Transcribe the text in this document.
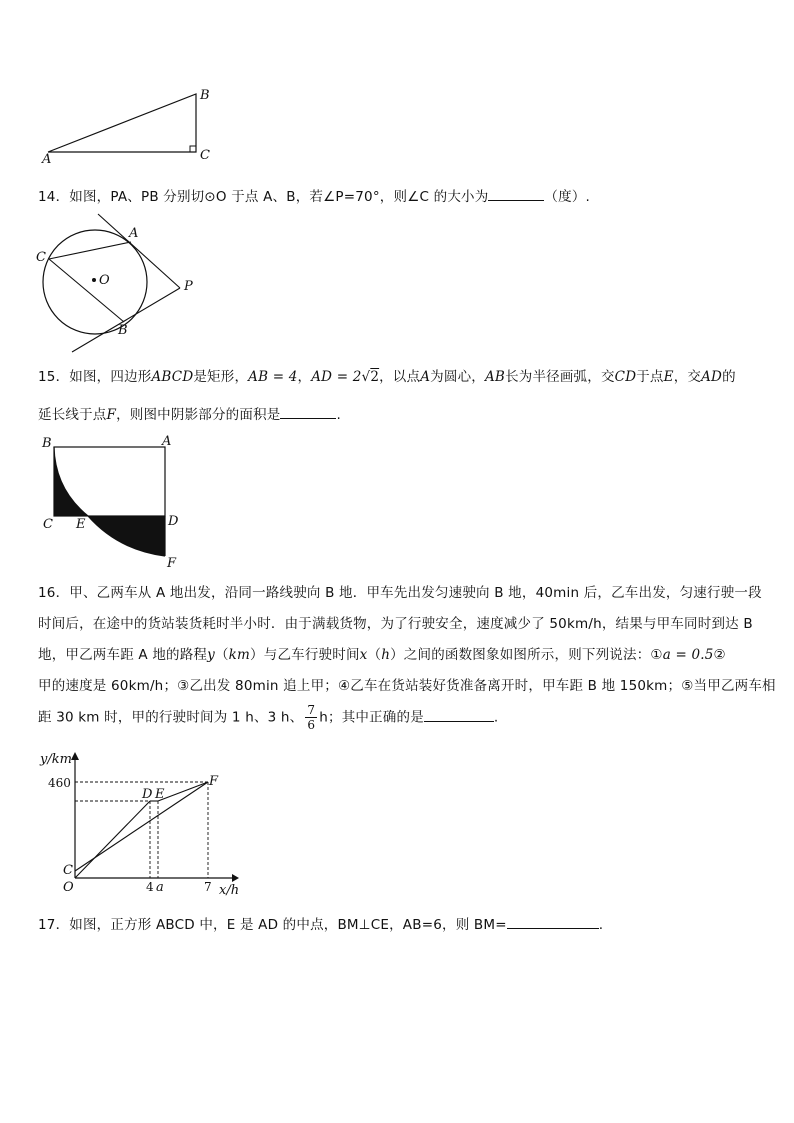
A
B
C
14．如图，PA、PB 分别切⊙O 于点 A、B，若∠P=70°，则∠C 的大小为	（度）.
C
A
O	P
B
15．如图，四边形ABCD是矩形，AB = 4，AD = 2√2，以点A为圆心，AB长为半径画弧，交CD于点E，交AD的
延长线于点F，则图中阴影部分的面积是	.
B	A
C E	D
F
16．甲、乙两车从 A 地出发，沿同一路线驶向 B 地．甲车先出发匀速驶向 B 地，40min 后，乙车出发，匀速行驶一段
时间后，在途中的货站装货耗时半小时．由于满载货物，为了行驶安全，速度减少了 50km/h，结果与甲车同时到达 B
地，甲乙两车距 A 地的路程y（km）与乙车行驶时间x（h）之间的函数图象如图所示，则下列说法：①a = 0.5②
甲的速度是 60km/h；③乙出发 80min 追上甲；④乙车在货站装好货准备离开时，甲车距 B 地 150km；⑤当甲乙两车相
距 30 km 时，甲的行驶时间为 1 h、3 h、 $\frac{7}{6}$ h；其中正确的是	.
y/km
x/h
460
D E
F
C
O	4 a	7
17．如图，正方形 ABCD 中，E 是 AD 的中点，BM⊥CE，AB=6，则 BM=	.
